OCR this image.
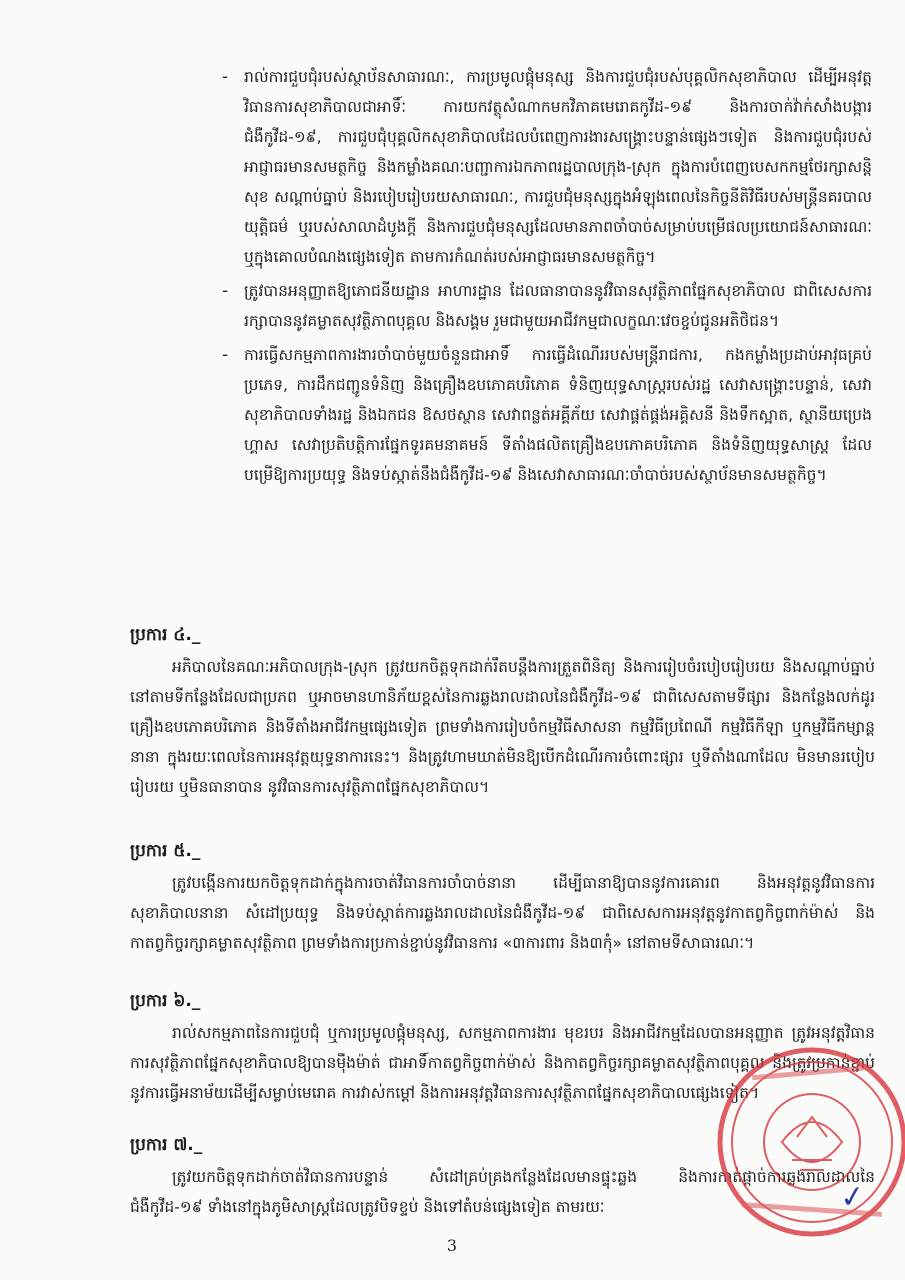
- រាល់ការជួបជុំរបស់ស្ថាប័នសាធារណៈ, ការប្រមូលផ្តុំមនុស្ស និងការជួបជុំរបស់បុគ្គលិកសុខាភិបាល ដើម្បីអនុវត្តវិធានការសុខាភិបាលជាអាទិ៍ៈ ការយកវត្ថុសំណាកមកវិភាគមេរោគកូវីដ-១៩ និងការចាក់វ៉ាក់សាំងបង្ការជំងឺកូវីដ-១៩, ការជួបជុំបុគ្គលិកសុខាភិបាលដែលបំពេញការងារសង្គ្រោះបន្ទាន់ផ្សេងៗទៀត និងការជួបជុំរបស់អាជ្ញាធរមានសមត្ថកិច្ច និងកម្លាំងគណៈបញ្ជាការឯកភាពរដ្ឋបាលក្រុង-ស្រុក ក្នុងការបំពេញបេសកកម្មថែរក្សាសន្តិសុខ សណ្តាប់ធ្នាប់ និងរបៀបរៀបរយសាធារណៈ, ការជួបជុំមនុស្សក្នុងអំឡុងពេលនៃកិច្ចនីតិវិធីរបស់មន្ត្រីនគរបាលយុត្តិធម៌ ឬរបស់សាលាដំបូងក្តី និងការជួបជុំមនុស្សដែលមានភាពចាំបាច់សម្រាប់បម្រើផលប្រយោជន៍សាធារណៈ ឬក្នុងគោលបំណងផ្សេងទៀត តាមការកំណត់របស់អាជ្ញាធរមានសមត្ថកិច្ច។
- ត្រូវបានអនុញ្ញាតឱ្យភោជនីយដ្ឋាន អាហារដ្ឋាន ដែលធានាបាននូវវិធានសុវត្ថិភាពផ្នែកសុខាភិបាល ជាពិសេសការរក្សាបាននូវគម្លាតសុវត្ថិភាពបុគ្គល និងសង្គម រួមជាមួយអាជីវកម្មជាលក្ខណៈវេចខ្ចប់ជូនអតិថិជន។
- ការធ្វើសកម្មភាពការងារចាំបាច់មួយចំនួនជាអាទិ៍ ការធ្វើដំណើររបស់មន្ត្រីរាជការ, កងកម្លាំងប្រដាប់អាវុធគ្រប់ប្រភេទ, ការដឹកជញ្ជូនទំនិញ និងគ្រឿងឧបភោគបរិភោគ ទំនិញយុទ្ធសាស្ត្ររបស់រដ្ឋ សេវាសង្គ្រោះបន្ទាន់, សេវាសុខាភិបាលទាំងរដ្ឋ និងឯកជន ឱសថស្ថាន សេវាពន្លត់អគ្គីភ័យ សេវាផ្គត់ផ្គង់អគ្គិសនី និងទឹកស្អាត, ស្ថានីយប្រេង ហ្គាស សេវាប្រតិបត្តិការផ្នែកទូរគមនាគមន៍ ទីតាំងផលិតគ្រឿងឧបភោគបរិភោគ និងទំនិញយុទ្ធសាស្ត្រ ដែលបម្រើឱ្យការប្រយុទ្ធ និងទប់ស្កាត់នឹងជំងឺកូវីដ-១៩ និងសេវាសាធារណៈចាំបាច់របស់ស្ថាប័នមានសមត្ថកិច្ច។
ប្រការ ៤._
អភិបាលនៃគណៈអភិបាលក្រុង-ស្រុក ត្រូវយកចិត្តទុកដាក់រឹតបន្តឹងការត្រួតពិនិត្យ និងការរៀបចំរបៀបរៀបរយ និងសណ្តាប់ធ្នាប់នៅតាមទីកន្លែងដែលជាប្រភព ឬអាចមានហានិភ័យខ្ពស់នៃការឆ្លងរាលដាលនៃជំងឺកូវីដ-១៩ ជាពិសេសតាមទីផ្សារ និងកន្លែងលក់ដូរគ្រឿងឧបភោគបរិភោគ និងទីតាំងអាជីវកម្មផ្សេងទៀត ព្រមទាំងការរៀបចំកម្មវិធីសាសនា កម្មវិធីប្រពៃណី កម្មវិធីកីឡា ឬកម្មវិធីកម្សាន្តនានា ក្នុងរយៈពេលនៃការអនុវត្តយុទ្ធនាការនេះ។ និងត្រូវហាមឃាត់មិនឱ្យបើកដំណើរការចំពោះផ្សារ ឬទីតាំងណាដែល មិនមានរបៀបរៀបរយ ឬមិនធានាបាន នូវវិធានការសុវត្ថិភាពផ្នែកសុខាភិបាល។
ប្រការ ៥._
ត្រូវបង្កើនការយកចិត្តទុកដាក់ក្នុងការចាត់វិធានការចាំបាច់នានា ដើម្បីធានាឱ្យបាននូវការគោរព និងអនុវត្តនូវវិធានការសុខាភិបាលនានា សំដៅប្រយុទ្ធ និងទប់ស្កាត់ការឆ្លងរាលដាលនៃជំងឺកូវីដ-១៩ ជាពិសេសការអនុវត្តនូវកាតព្វកិច្ចពាក់ម៉ាស់ និងកាតព្វកិច្ចរក្សាគម្លាតសុវត្ថិភាព ព្រមទាំងការប្រកាន់ខ្ជាប់នូវវិធានការ «៣ការពារ និង៣កុំ» នៅតាមទីសាធារណៈ។
ប្រការ ៦._
រាល់សកម្មភាពនៃការជួបជុំ ឬការប្រមូលផ្តុំមនុស្ស, សកម្មភាពការងារ មុខរបរ និងអាជីវកម្មដែលបានអនុញ្ញាត ត្រូវអនុវត្តវិធានការសុវត្ថិភាពផ្នែកសុខាភិបាលឱ្យបានម៉ឺងម៉ាត់ ជាអាទិ៍កាតព្វកិច្ចពាក់ម៉ាស់ និងកាតព្វកិច្ចរក្សាគម្លាតសុវត្ថិភាពបុគ្គល និងត្រូវប្រកាន់ខ្ជាប់នូវការធ្វើអនាម័យដើម្បីសម្លាប់មេរោគ ការវាស់កម្តៅ និងការអនុវត្តវិធានការសុវត្ថិភាពផ្នែកសុខាភិបាលផ្សេងទៀត។
ប្រការ ៧._
ត្រូវយកចិត្តទុកដាក់ចាត់វិធានការបន្ទាន់ សំដៅគ្រប់គ្រងកន្លែងដែលមានផ្ទុះឆ្លង និងការកាត់ផ្តាច់ការឆ្លងរាលដាលនៃជំងឺកូវីដ-១៩ ទាំងនៅក្នុងភូមិសាស្ត្រដែលត្រូវបិទខ្ទប់ និងទៅតំបន់ផ្សេងទៀត តាមរយៈ	✓
3
